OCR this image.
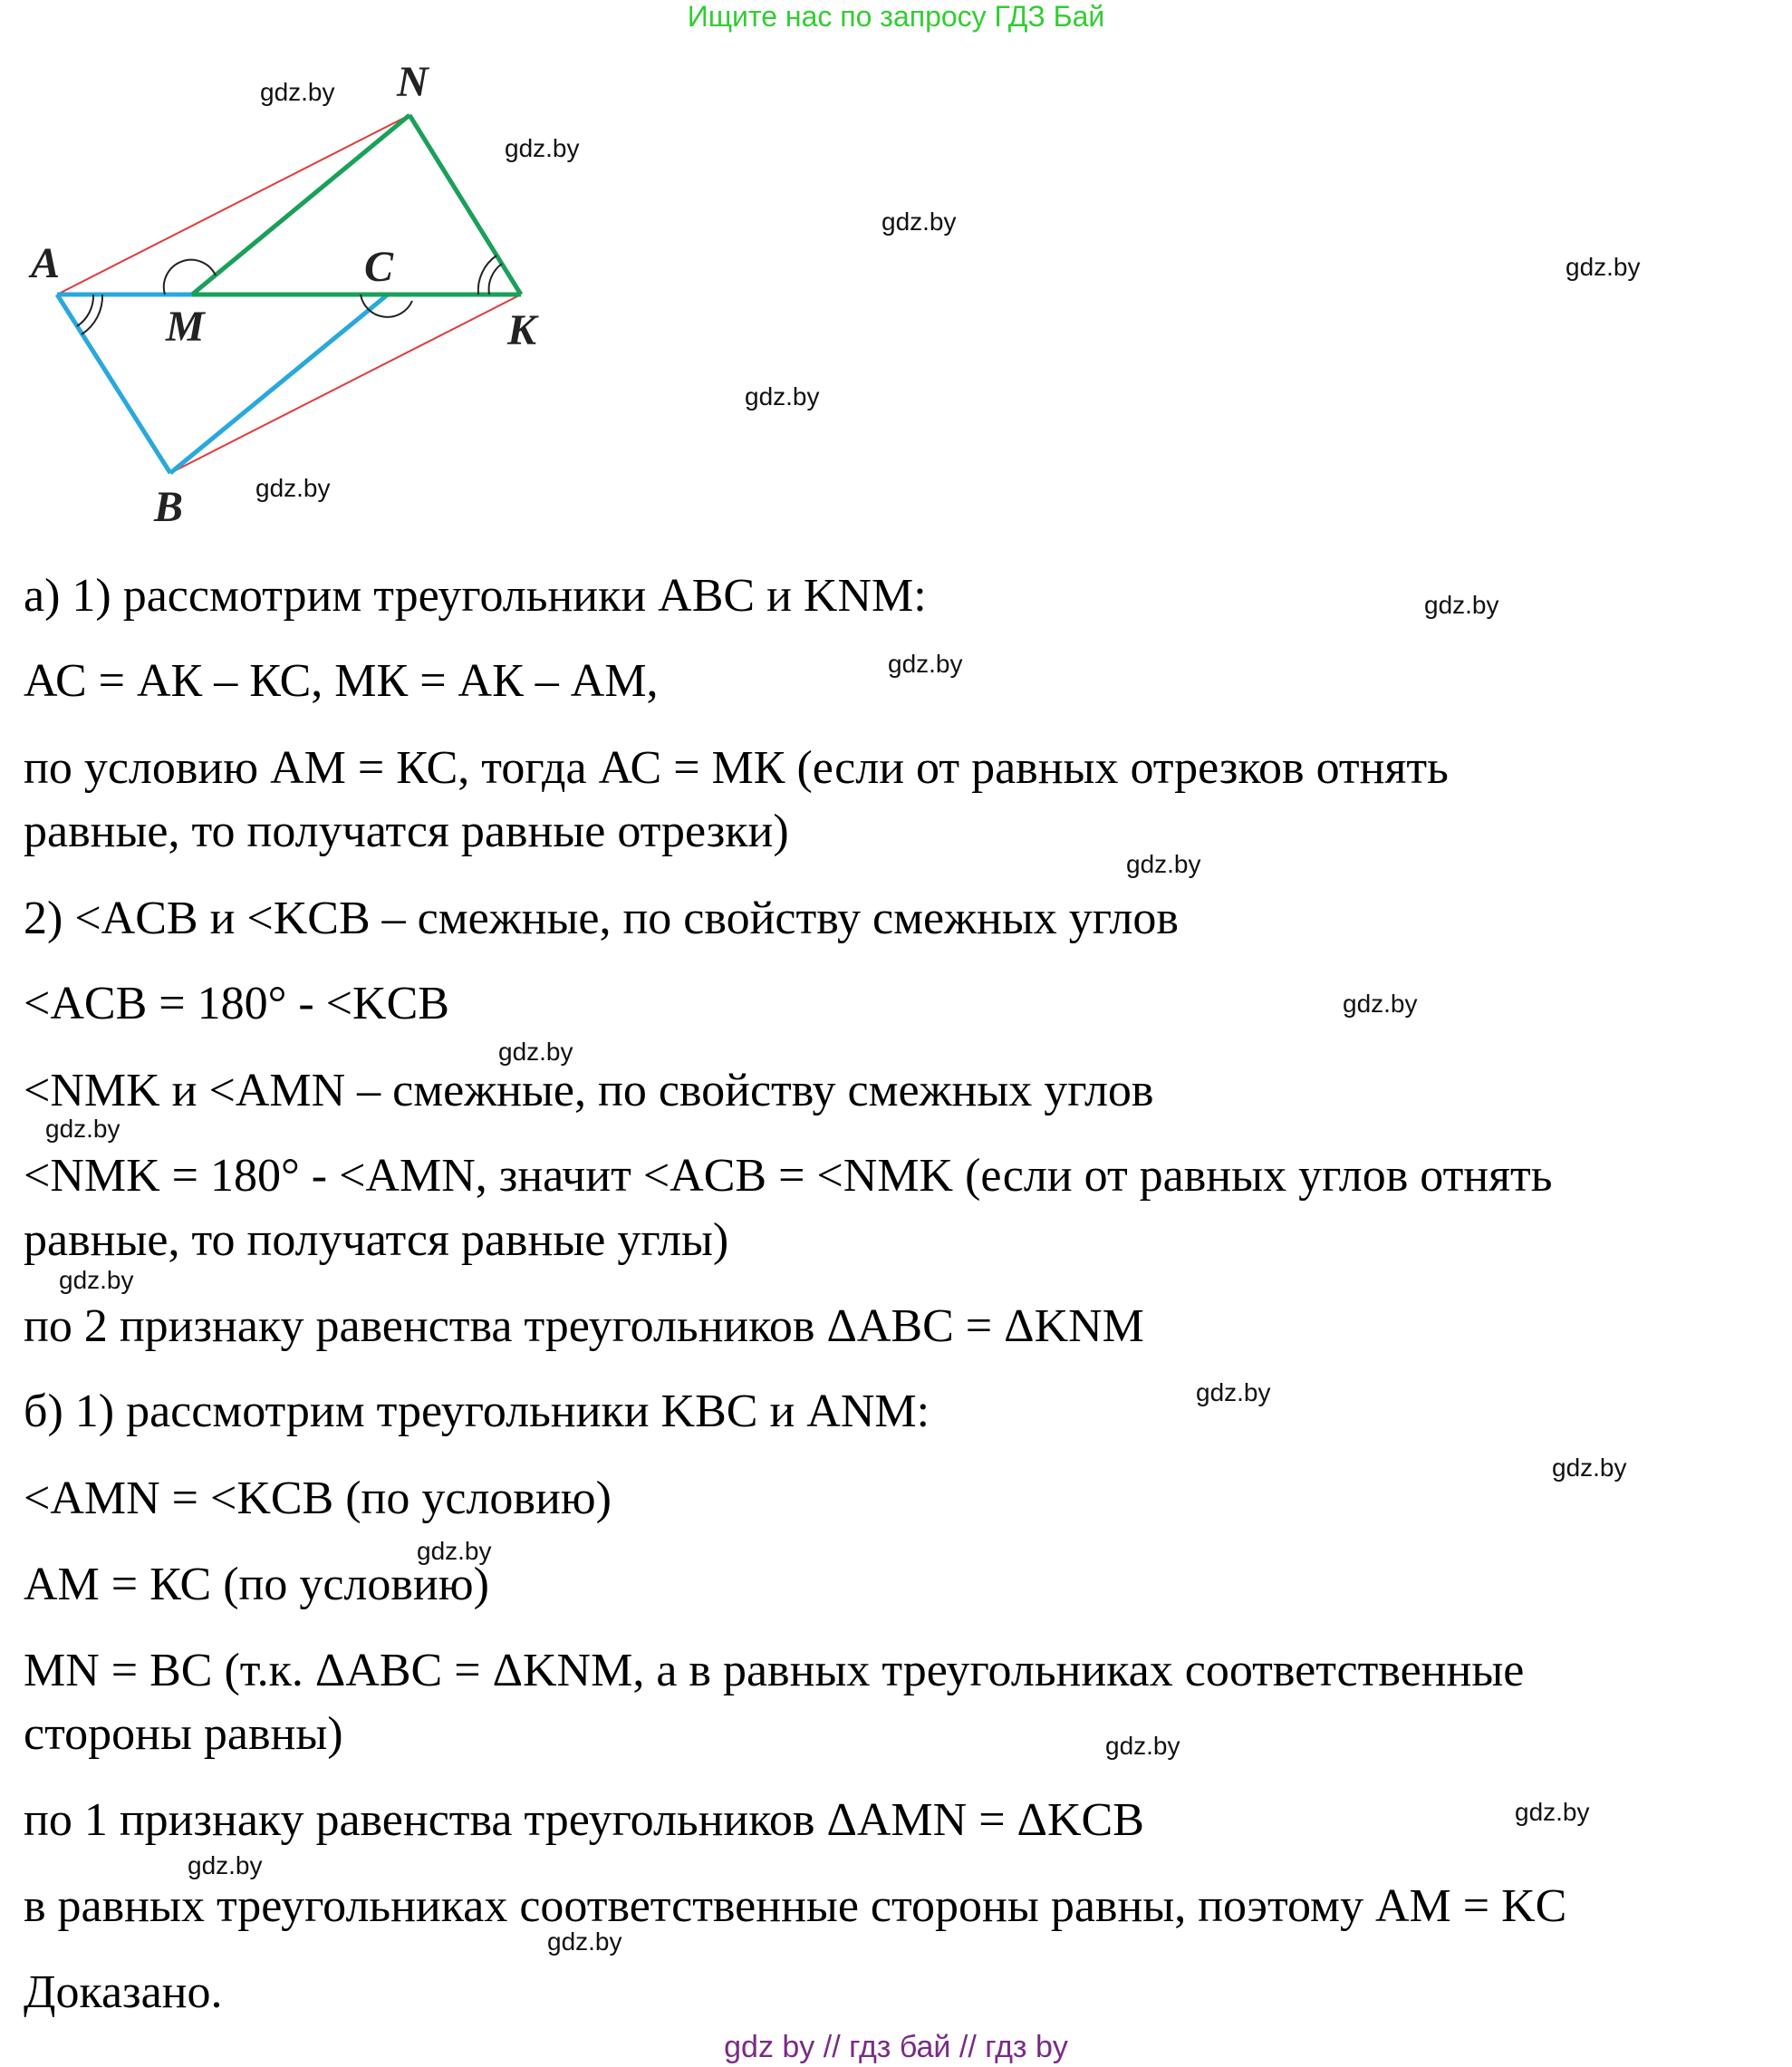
Ищите нас по запросу ГДЗ Бай
A
M
C
K
N
B
gdz.by
gdz.by
gdz.by
gdz.by
gdz.by
gdz.by
gdz.by
gdz.by
gdz.by
gdz.by
gdz.by
gdz.by
gdz.by
gdz.by
gdz.by
gdz.by
gdz.by
gdz.by
gdz.by
gdz.by
а) 1) рассмотрим треугольники ABC и KNM:
АС = АК – КС, МК = АК – АМ,
по условию АМ = КС, тогда АС = МК (если от равных отрезков отнять
равные, то получатся равные отрезки)
2) <ACB и <KCB – смежные, по свойству смежных углов
<ACB = 180° - <KCB
<NMK и <AMN – смежные, по свойству смежных углов
<NMK = 180° - <AMN, значит <ACB = <NMK (если от равных углов отнять
равные, то получатся равные углы)
по 2 признаку равенства треугольников ΔABC = ΔKNM
б) 1) рассмотрим треугольники KBC и ANM:
<AMN = <KCB (по условию)
АМ = КС (по условию)
MN = BC (т.к. ΔABC = ΔKNM, а в равных треугольниках соответственные
стороны равны)
по 1 признаку равенства треугольников ΔAMN = ΔKCB
в равных треугольниках соответственные стороны равны, поэтому AM = KC
Доказано.
gdz by // гдз бай // гдз by
